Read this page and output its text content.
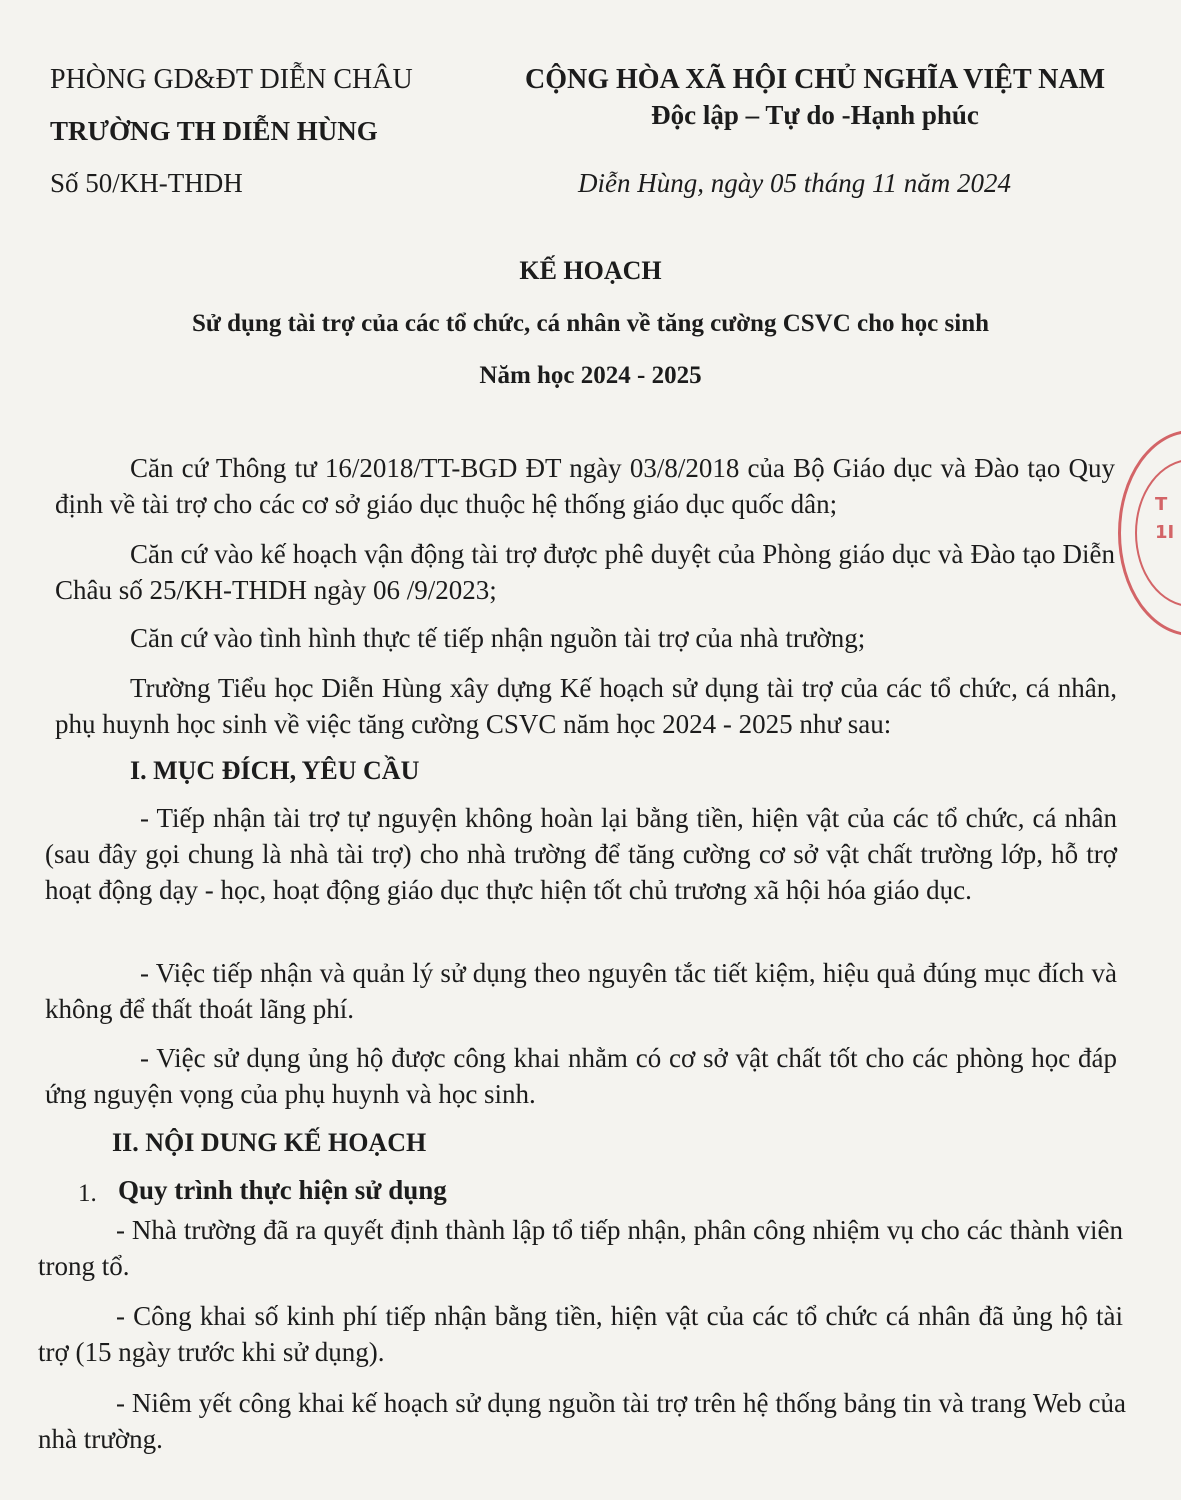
PHÒNG GD&ĐT DIỄN CHÂU
TRƯỜNG TH DIỄN HÙNG
Số 50/KH-THDH
CỘNG HÒA XÃ HỘI CHỦ NGHĨA VIỆT NAM
Độc lập – Tự do -Hạnh phúc
Diễn Hùng, ngày 05 tháng 11 năm 2024
KẾ HOẠCH
Sử dụng tài trợ của các tổ chức, cá nhân về tăng cường CSVC cho học sinh
Năm học 2024 - 2025
Căn cứ Thông tư 16/2018/TT-BGD ĐT ngày 03/8/2018 của Bộ Giáo dục và Đào tạo Quy định về tài trợ cho các cơ sở giáo dục thuộc hệ thống giáo dục quốc dân;
Căn cứ vào kế hoạch vận động tài trợ được phê duyệt của Phòng giáo dục và Đào tạo Diễn Châu số 25/KH-THDH ngày 06 /9/2023;
Căn cứ vào tình hình thực tế tiếp nhận nguồn tài trợ của nhà trường;
Trường Tiểu học Diễn Hùng xây dựng Kế hoạch sử dụng tài trợ của các tổ chức, cá nhân, phụ huynh học sinh về việc tăng cường CSVC năm học 2024 - 2025 như sau:
I. MỤC ĐÍCH, YÊU CẦU
- Tiếp nhận tài trợ tự nguyện không hoàn lại bằng tiền, hiện vật của các tổ chức, cá nhân (sau đây gọi chung là nhà tài trợ) cho nhà trường để tăng cường cơ sở vật chất trường lớp, hỗ trợ hoạt động dạy - học, hoạt động giáo dục thực hiện tốt chủ trương xã hội hóa giáo dục.
- Việc tiếp nhận và quản lý sử dụng theo nguyên tắc tiết kiệm, hiệu quả đúng mục đích và không để thất thoát lãng phí.
- Việc sử dụng ủng hộ được công khai nhằm có cơ sở vật chất tốt cho các phòng học đáp ứng nguyện vọng của phụ huynh và học sinh.
II. NỘI DUNG KẾ HOẠCH
1. Quy trình thực hiện sử dụng
- Nhà trường đã ra quyết định thành lập tổ tiếp nhận, phân công nhiệm vụ cho các thành viên trong tổ.
- Công khai số kinh phí tiếp nhận bằng tiền, hiện vật của các tổ chức cá nhân đã ủng hộ tài trợ (15 ngày trước khi sử dụng).
- Niêm yết công khai kế hoạch sử dụng nguồn tài trợ trên hệ thống bảng tin và trang Web của nhà trường.
T
1I
